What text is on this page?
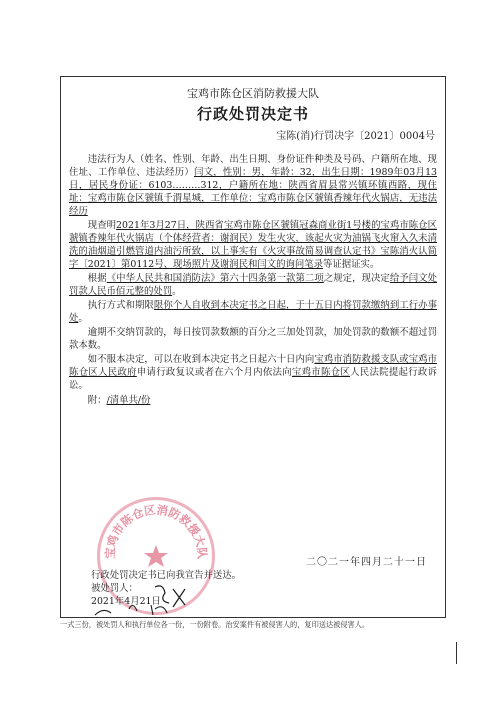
宝鸡市陈仓区消防救援大队
行政处罚决定书
宝陈(消)行罚决字〔2021〕0004号

违法行为人（姓名、性别、年龄、出生日期、身份证件种类及号码、户籍所在地、现住址、工作单位、违法经历）闫文，性别：男，年龄：32，出生日期：1989年03月13日，居民身份证：6103………312，户籍所在地：陕西省眉县常兴镇环镇西路，现住址：宝鸡市陈仓区虢镇千渭星城，工作单位：宝鸡市陈仓区虢镇香辣年代火锅店，无违法经历

现查明2021年3月27日，陕西省宝鸡市陈仓区虢镇冠森商业街1号楼的宝鸡市陈仓区虢镇香辣年代火锅店（个体经营者：谢润民）发生火灾，该起火灾为油锅飞火窜入久未清洗的油烟道引燃管道内油污所致，以上事实有《火灾事故简易调查认定书》宝陈消火认简字〔2021〕第0112号、现场照片及谢润民和闫文的询问笔录等证据证实。

根据《中华人民共和国消防法》第六十四条第一款第二项之规定，现决定给予闫文处罚款人民币佰元整的处罚。

执行方式和期限限你个人自收到本决定书之日起，于十五日内将罚款缴纳到工行办事处。

逾期不交纳罚款的，每日按罚款数额的百分之三加处罚款，加处罚款的数额不超过罚款本数。

如不服本决定，可以在收到本决定书之日起六十日内向宝鸡市消防救援支队或宝鸡市陈仓区人民政府申请行政复议或者在六个月内依法向宝鸡市陈仓区人民法院提起行政诉讼。

附：/清单共/份

宝鸡市陈仓区消防救援大队
二〇二一年四月二十一日
行政处罚决定书已向我宣告并送达。
被处罚人：
2021年4月21日
一式三份，被处罚人和执行单位各一份，一份附卷。治安案件有被侵害人的，复印送达被侵害人。
